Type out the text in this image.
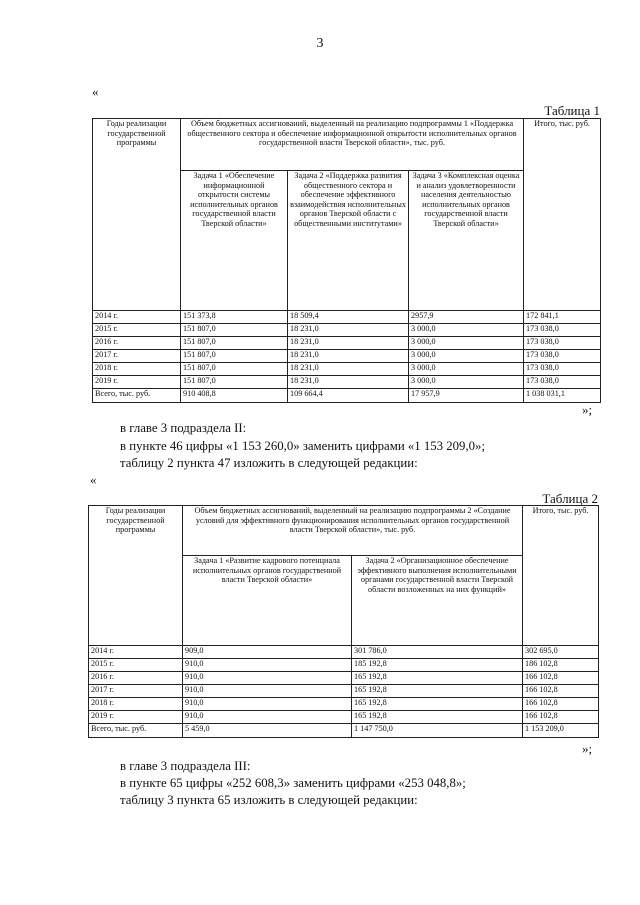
3
«
Таблица 1
Годы реализации государственной программы	Объем бюджетных ассигнований, выделенный на реализацию подпрограммы 1 «Поддержка общественного сектора и обеспечение информационной открытости исполнительных органов государственной власти Тверской области», тыс. руб.			Итого, тыс. руб.
	Задача 1 «Обеспечение информационной открытости системы исполнительных органов государственной власти Тверской области»	Задача 2 «Поддержка развития общественного сектора и обеспечение эффективного взаимодействия исполнительных органов Тверской области с общественными институтами»	Задача 3 «Комплексная оценка и анализ удовлетворенности населения деятельностью исполнительных органов государственной власти Тверской области»	
2014 г.	151 373,8	18 509,4	2957,9	172 841,1
2015 г.	151 807,0	18 231,0	3 000,0	173 038,0
2016 г.	151 807,0	18 231,0	3 000,0	173 038,0
2017 г.	151 807,0	18 231,0	3 000,0	173 038,0
2018 г.	151 807,0	18 231,0	3 000,0	173 038,0
2019 г.	151 807,0	18 231,0	3 000,0	173 038,0
Всего, тыс. руб.	910 408,8	109 664,4	17 957,9	1 038 031,1
»;
в главе 3 подраздела II:
в пункте 46 цифры «1 153 260,0» заменить цифрами «1 153 209,0»;
таблицу 2 пункта 47 изложить в следующей редакции:
«
Таблица 2
Годы реализации государственной программы	Объем бюджетных ассигнований, выделенный на реализацию подпрограммы 2 «Создание условий для эффективного функционирования исполнительных органов государственной власти Тверской области», тыс. руб.		Итого, тыс. руб.
	Задача 1 «Развитие кадрового потенциала исполнительных органов государственной власти Тверской области»	Задача 2 «Организационное обеспечение эффективного выполнения исполнительными органами государственной власти Тверской области возложенных на них функций»	
2014 г.	909,0	301 786,0	302 695,0
2015 г.	910,0	185 192,8	186 102,8
2016 г.	910,0	165 192,8	166 102,8
2017 г.	910,0	165 192,8	166 102,8
2018 г.	910,0	165 192,8	166 102,8
2019 г.	910,0	165 192,8	166 102,8
Всего, тыс. руб.	5 459,0	1 147 750,0	1 153 209,0
»;
в главе 3 подраздела III:
в пункте 65 цифры «252 608,3» заменить цифрами «253 048,8»;
таблицу 3 пункта 65 изложить в следующей редакции:
